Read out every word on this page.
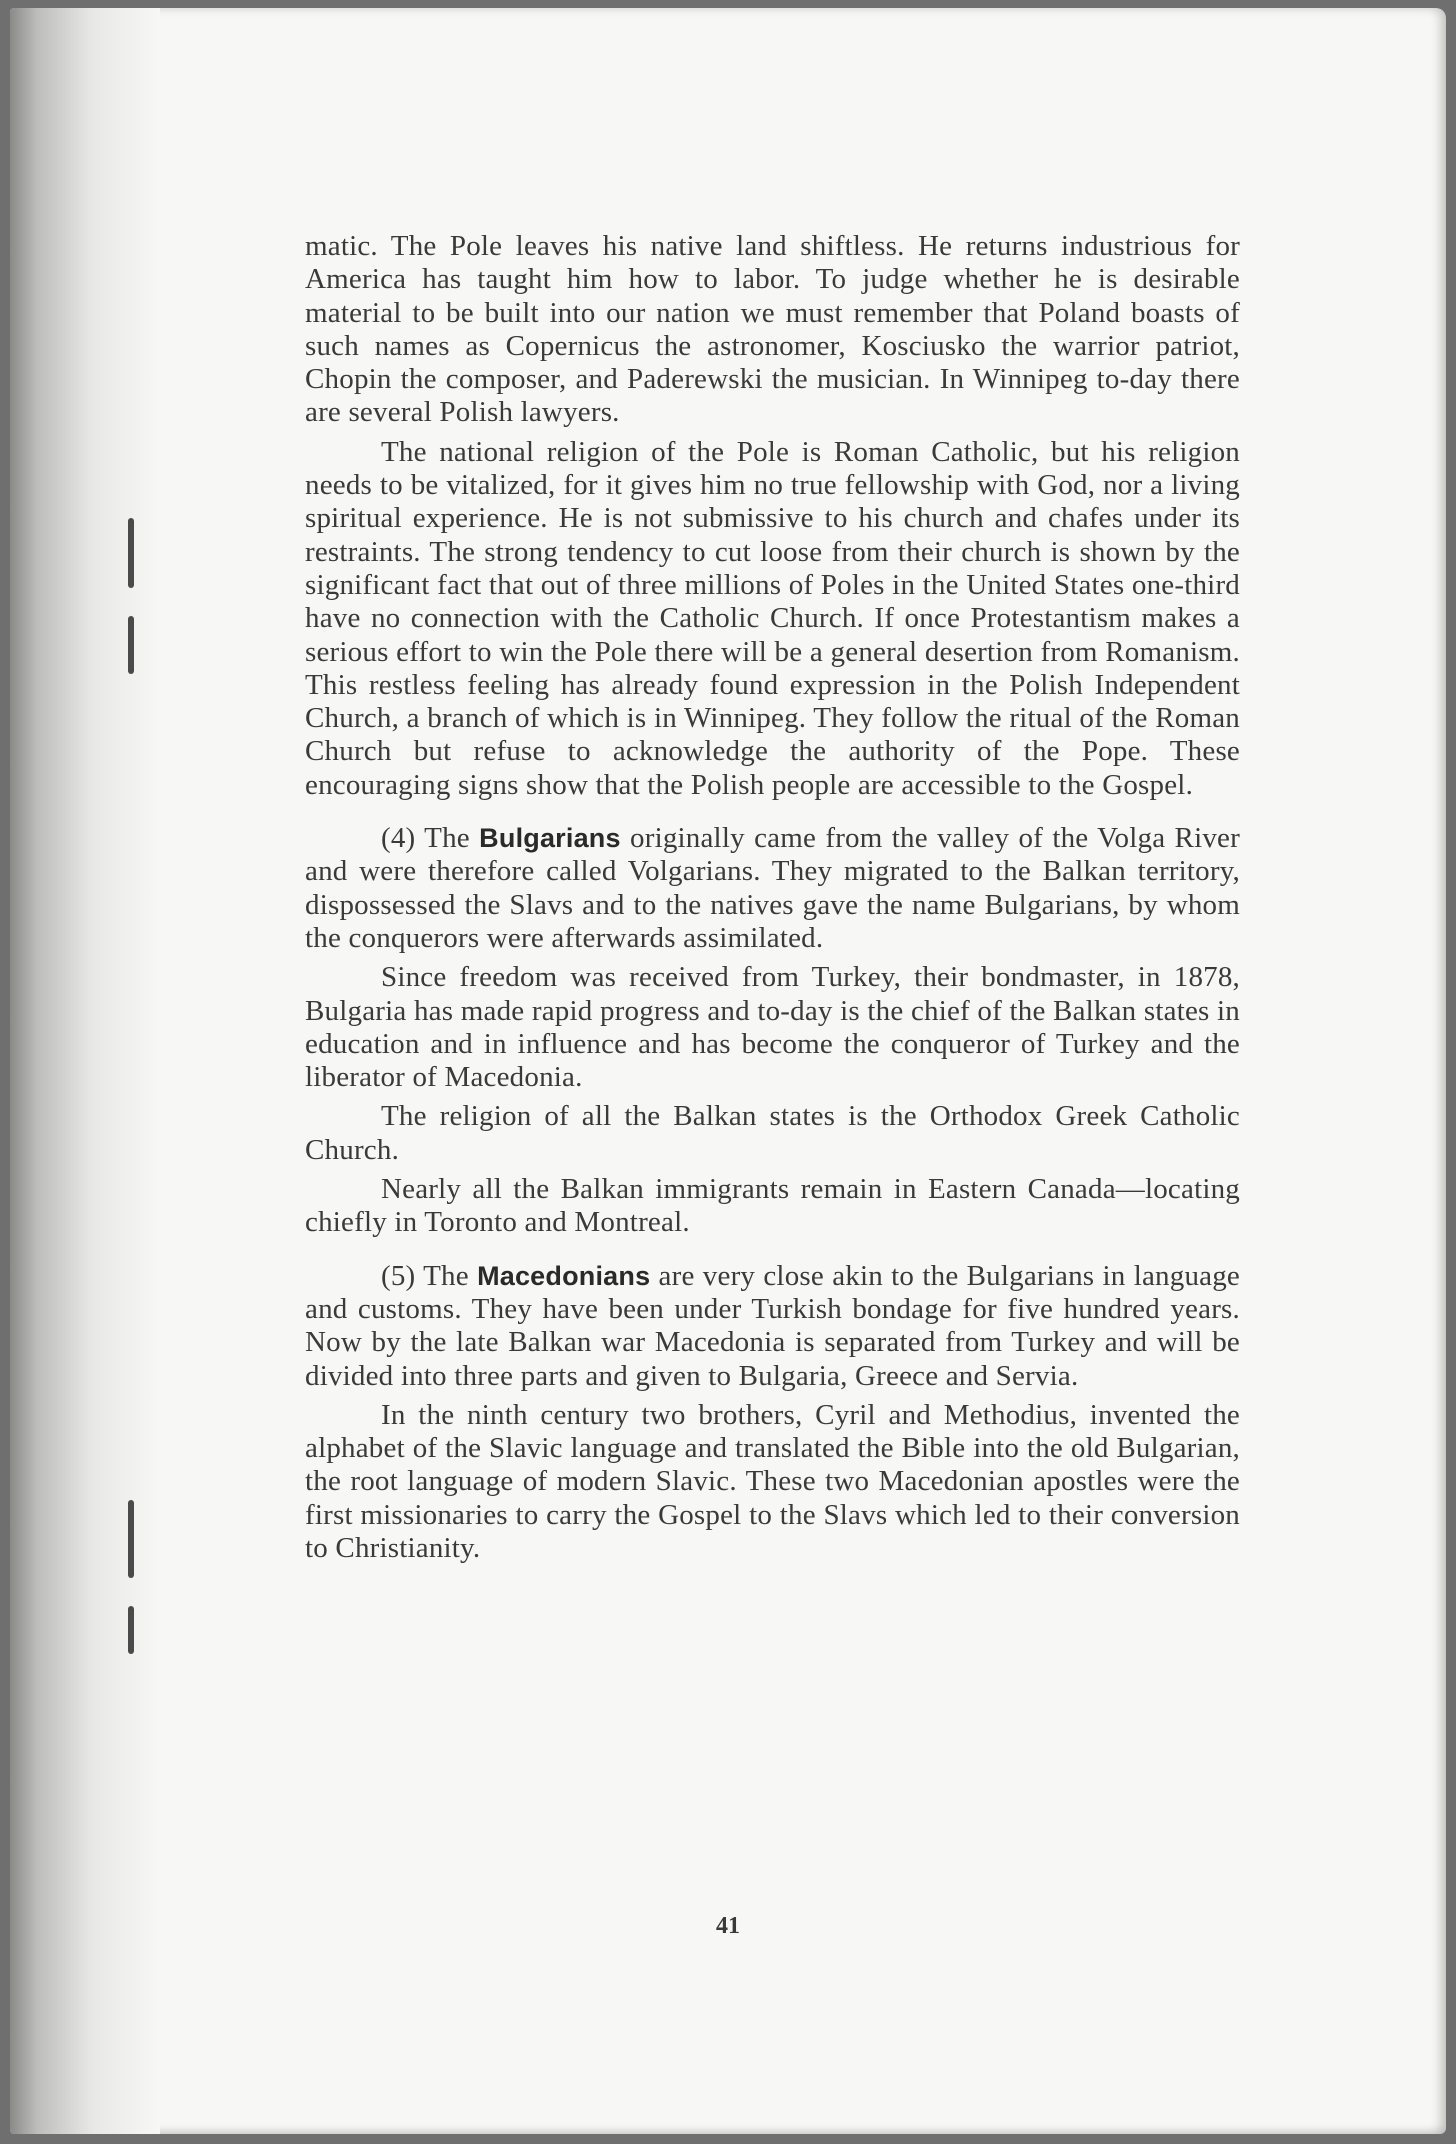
matic. The Pole leaves his native land shiftless. He returns industrious for America has taught him how to labor. To judge whether he is desirable material to be built into our nation we must remember that Poland boasts of such names as Copernicus the astronomer, Kosciusko the warrior patriot, Chopin the composer, and Paderewski the musician. In Winnipeg to-day there are several Polish lawyers.

The national religion of the Pole is Roman Catholic, but his religion needs to be vitalized, for it gives him no true fellowship with God, nor a living spiritual experience. He is not submissive to his church and chafes under its restraints. The strong tendency to cut loose from their church is shown by the significant fact that out of three millions of Poles in the United States one-third have no connection with the Catholic Church. If once Protestantism makes a serious effort to win the Pole there will be a general desertion from Romanism. This restless feeling has already found expression in the Polish Independent Church, a branch of which is in Winnipeg. They follow the ritual of the Roman Church but refuse to acknowledge the authority of the Pope. These encouraging signs show that the Polish people are accessible to the Gospel.

(4) The Bulgarians originally came from the valley of the Volga River and were therefore called Volgarians. They migrated to the Balkan territory, dispossessed the Slavs and to the natives gave the name Bulgarians, by whom the conquerors were afterwards assimilated.

Since freedom was received from Turkey, their bondmaster, in 1878, Bulgaria has made rapid progress and to-day is the chief of the Balkan states in education and in influence and has become the conqueror of Turkey and the liberator of Macedonia.

The religion of all the Balkan states is the Orthodox Greek Catholic Church.

Nearly all the Balkan immigrants remain in Eastern Canada—locating chiefly in Toronto and Montreal.

(5) The Macedonians are very close akin to the Bulgarians in language and customs. They have been under Turkish bondage for five hundred years. Now by the late Balkan war Macedonia is separated from Turkey and will be divided into three parts and given to Bulgaria, Greece and Servia.

In the ninth century two brothers, Cyril and Methodius, invented the alphabet of the Slavic language and translated the Bible into the old Bulgarian, the root language of modern Slavic. These two Macedonian apostles were the first missionaries to carry the Gospel to the Slavs which led to their conversion to Christianity.

41
